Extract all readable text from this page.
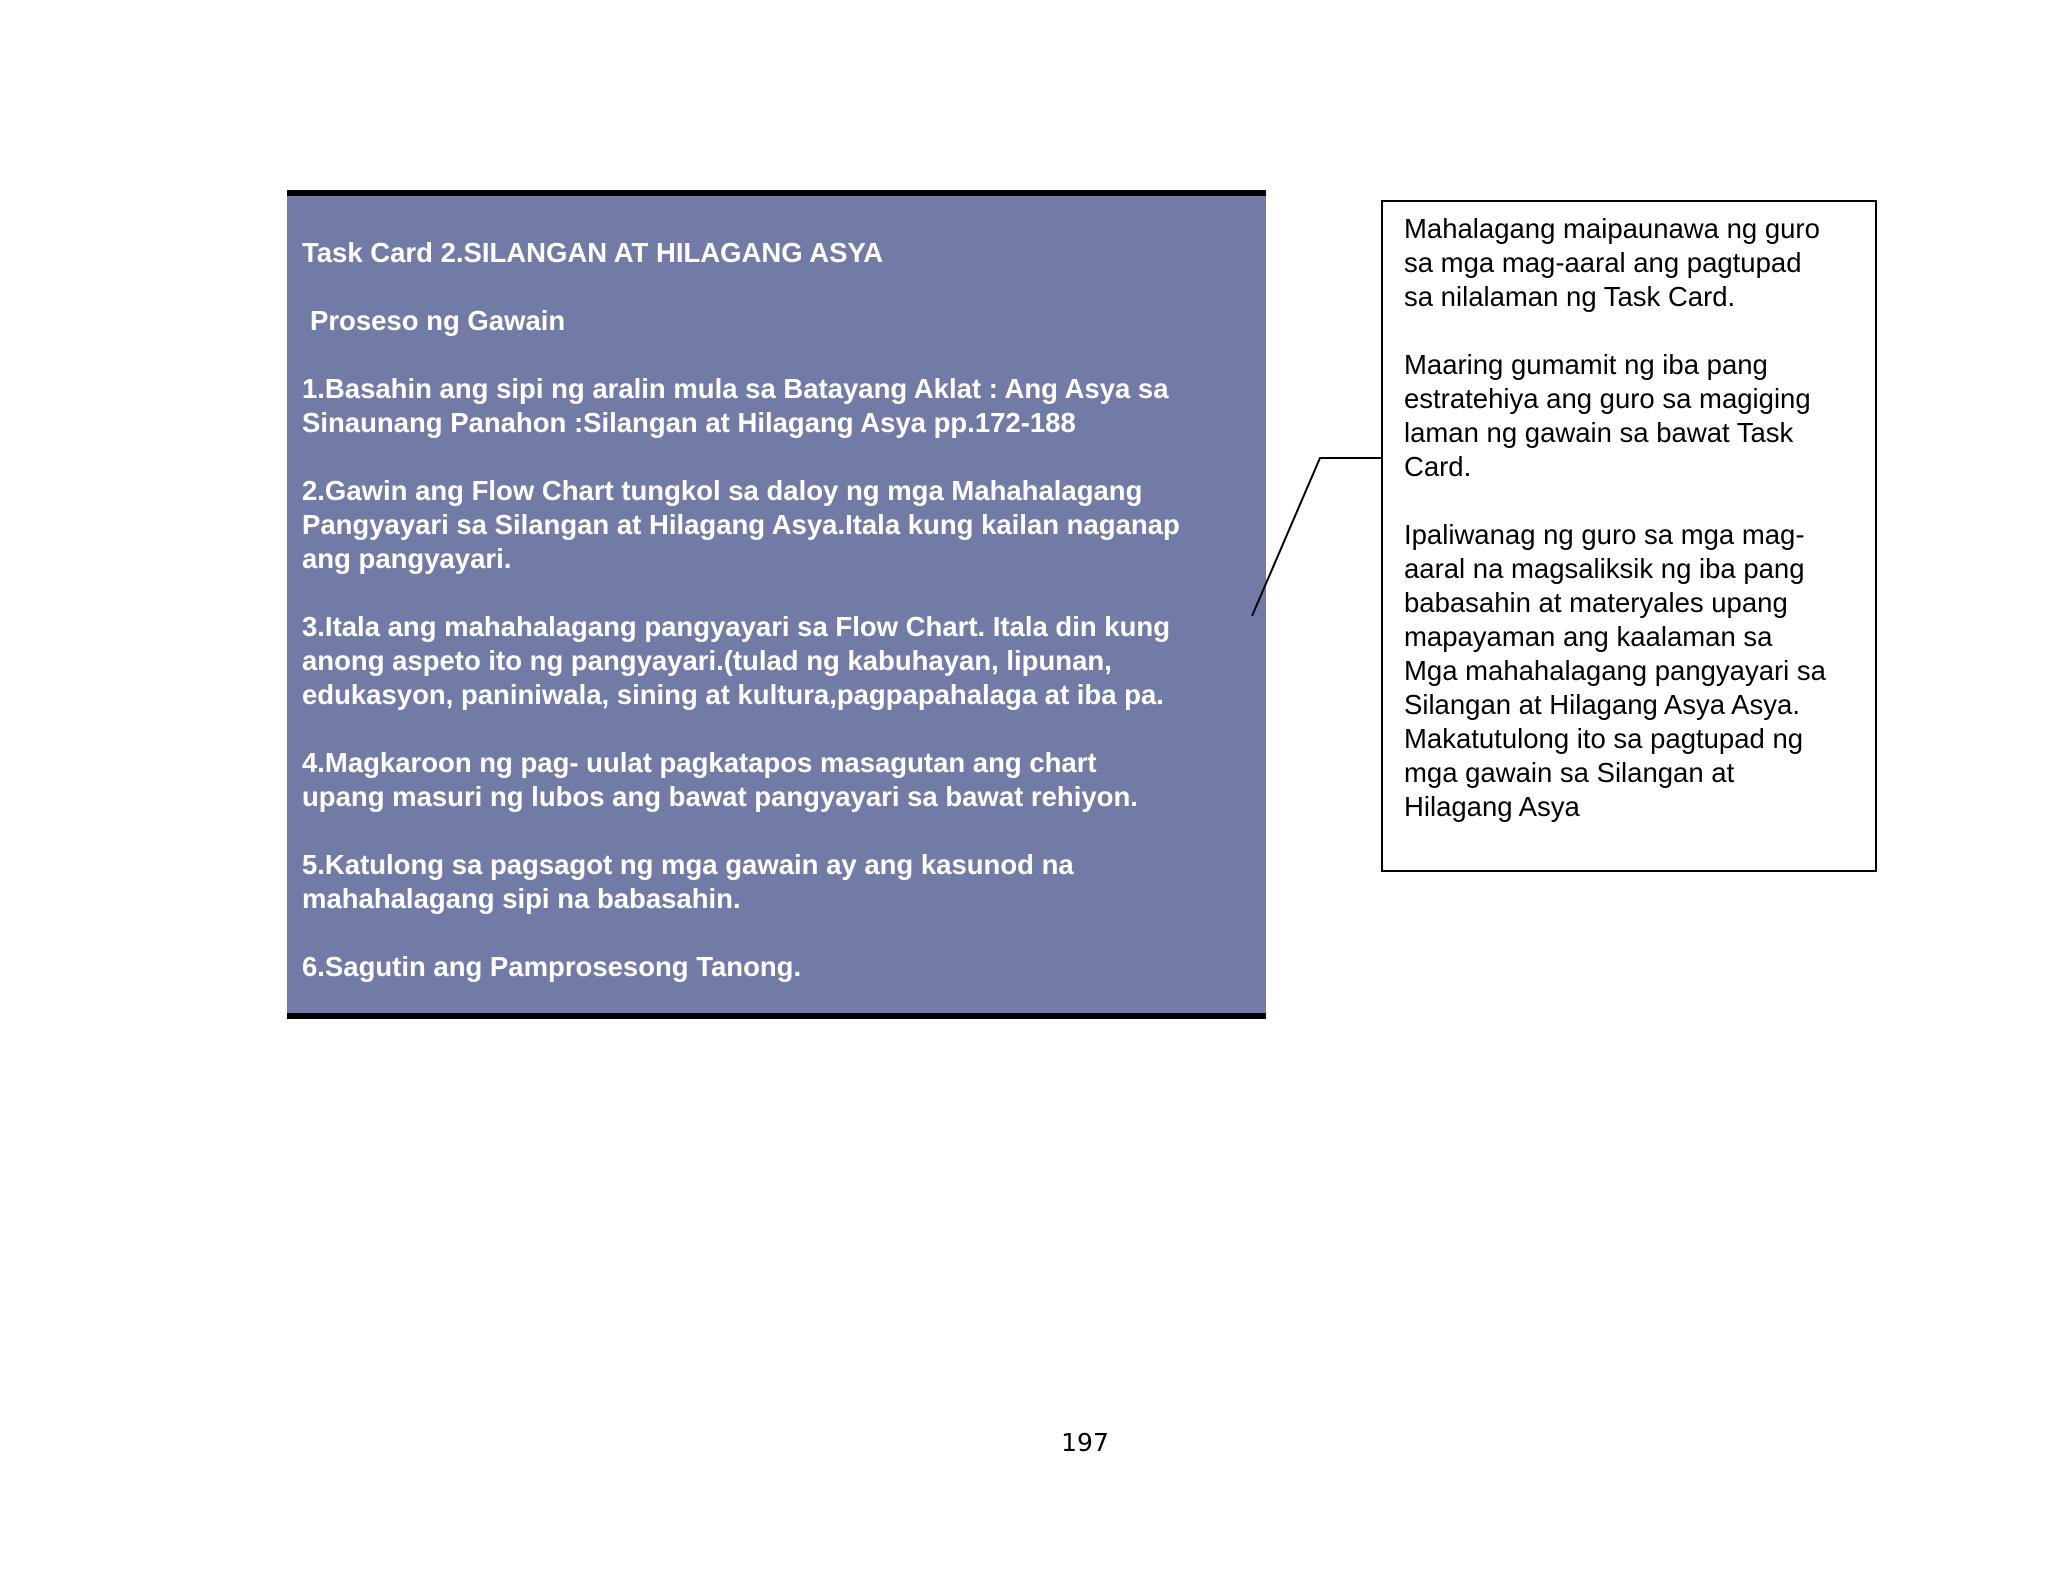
Task Card 2.SILANGAN AT HILAGANG ASYA

Proseso ng Gawain

1.Basahin ang sipi ng aralin mula sa Batayang Aklat : Ang Asya sa
Sinaunang Panahon :Silangan at Hilagang Asya pp.172-188

2.Gawin ang Flow Chart tungkol sa daloy ng mga Mahahalagang
Pangyayari sa Silangan at Hilagang Asya.Itala kung kailan naganap
ang pangyayari.

3.Itala ang mahahalagang pangyayari sa Flow Chart. Itala din kung
anong aspeto ito ng pangyayari.(tulad ng kabuhayan, lipunan,
edukasyon, paniniwala, sining at kultura,pagpapahalaga at iba pa.

4.Magkaroon ng pag- uulat pagkatapos masagutan ang chart
upang masuri ng lubos ang bawat pangyayari sa bawat rehiyon.

5.Katulong sa pagsagot ng mga gawain ay ang kasunod na
mahahalagang sipi na babasahin.

6.Sagutin ang Pamprosesong Tanong.

Mahalagang maipaunawa ng guro
sa mga mag-aaral ang pagtupad
sa nilalaman ng Task Card.

Maaring gumamit ng iba pang
estratehiya ang guro sa magiging
laman ng gawain sa bawat Task
Card.

Ipaliwanag ng guro sa mga mag-
aaral na magsaliksik ng iba pang
babasahin at materyales upang
mapayaman ang kaalaman sa
Mga mahahalagang pangyayari sa
Silangan at Hilagang Asya Asya.
Makatutulong ito sa pagtupad ng
mga gawain sa Silangan at
Hilagang Asya

197
